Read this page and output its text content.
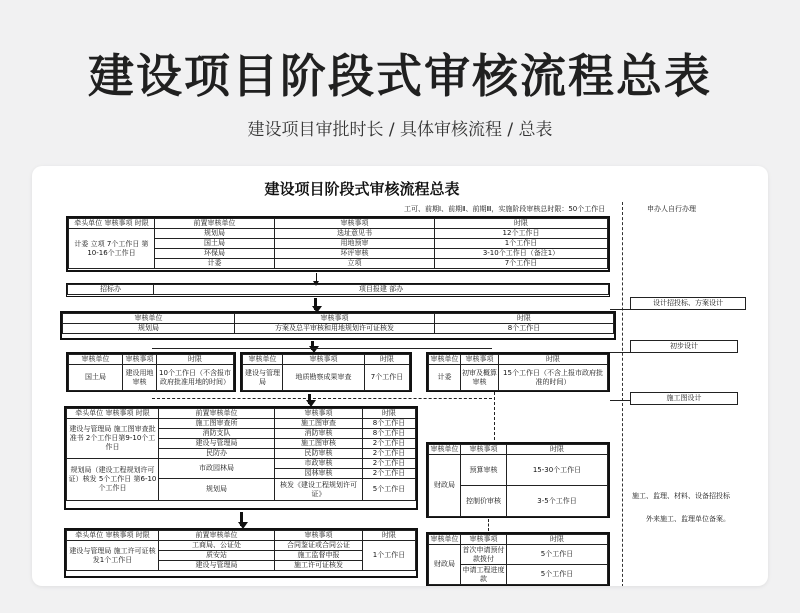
建设项目阶段式审核流程总表
建设项目审批时长 / 具体审核流程 / 总表
建设项目阶段式审核流程总表
工可、前期Ⅰ、前期Ⅱ、前期Ⅲ，实施阶段审核总时限：50个工作日	申办人自行办理
牵头单位 审核事项 时限	前置审核单位	审核事项	时限
计委 立项 7个工作日 第10-16个工作日	规划局	选址意见书	12个工作日
	国土局	用地预审	1个工作日
	环保局	环评审核	3-10个工作日（备注1）
	计委	立项	7个工作日
招标办	项目报建 部办
审核单位	审核事项	时限
规划局	方案及总平审核和用地规划许可证核发	8个工作日
审核单位	审核事项	时限
国土局	建设用地审核	10个工作日（不含报市政府批准用地的时间）
审核单位	审核事项	时限
建设与管理局	地质勘察成果审查	7个工作日
审核单位	审核事项	时限
计委	初审及概算审核	15个工作日（不含上报市政府批准的时间）
牵头单位 审核事项 时限	前置审核单位	审核事项	时限
建设与管理局 施工图审查批准书 2个工作日第9-10个工作日	施工图审查所	施工图审查	8个工作日
	消防支队	消防审核	8个工作日
	建设与管理局	施工图审核	2个工作日
	民防办	民防审核	2个工作日
规划局（建设工程规划许可证）核发 5个工作日 第6-10个工作日	市政园林局	市政审核	2个工作日
		园林审核	2个工作日
	规划局	核发《建设工程规划许可证》	5个工作日
审核单位	审核事项	时限
财政局	预算审核	15-30个工作日
	控制价审核	3-5个工作日
牵头单位 审核事项 时限	前置审核单位	审核事项	时限
建设与管理局 施工许可证核发1个工作日	工商局、公证处	合同鉴证或合同公证	1个工作日
	质安站	施工监督申报	
	建设与管理局	施工许可证核发	
审核单位	审核事项	时限
财政局	首次申请预付款拨付	5个工作日
	申请工程进度款	5个工作日
设计招投标、方案设计
初步设计
施工图设计
施工、监理、材料、设备招投标
外来施工、监理单位备案。
